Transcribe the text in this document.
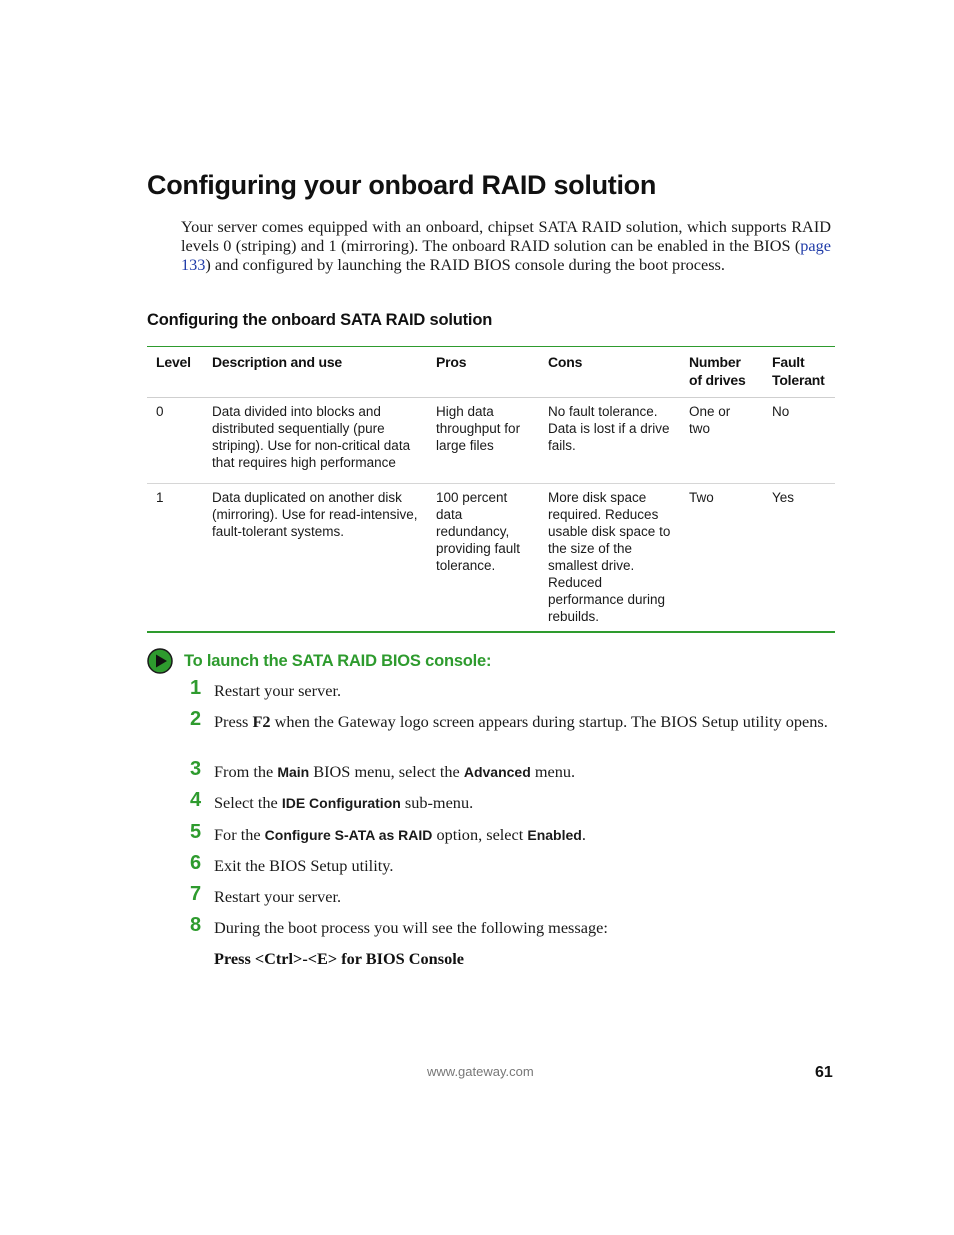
Configuring your onboard RAID solution

Your server comes equipped with an onboard, chipset SATA RAID solution, which supports RAID levels 0 (striping) and 1 (mirroring). The onboard RAID solution can be enabled in the BIOS (page 133) and configured by launching the RAID BIOS console during the boot process.

Configuring the onboard SATA RAID solution
Level	Description and use	Pros	Cons	Number of drives	Fault Tolerant
0	Data divided into blocks and distributed sequentially (pure striping). Use for non-critical data that requires high performance	High data throughput for large files	No fault tolerance. Data is lost if a drive fails.	One or two	No
1	Data duplicated on another disk (mirroring). Use for read-intensive, fault-tolerant systems.	100 percent data redundancy, providing fault tolerance.	More disk space required. Reduces usable disk space to the size of the smallest drive. Reduced performance during rebuilds.	Two	Yes
To launch the SATA RAID BIOS console:
1 Restart your server.
2 Press F2 when the Gateway logo screen appears during startup. The BIOS Setup utility opens.
3 From the Main BIOS menu, select the Advanced menu.
4 Select the IDE Configuration sub-menu.
5 For the Configure S-ATA as RAID option, select Enabled.
6 Exit the BIOS Setup utility.
7 Restart your server.
8 During the boot process you will see the following message:

Press <Ctrl>-<E> for BIOS Console

www.gateway.com	61
